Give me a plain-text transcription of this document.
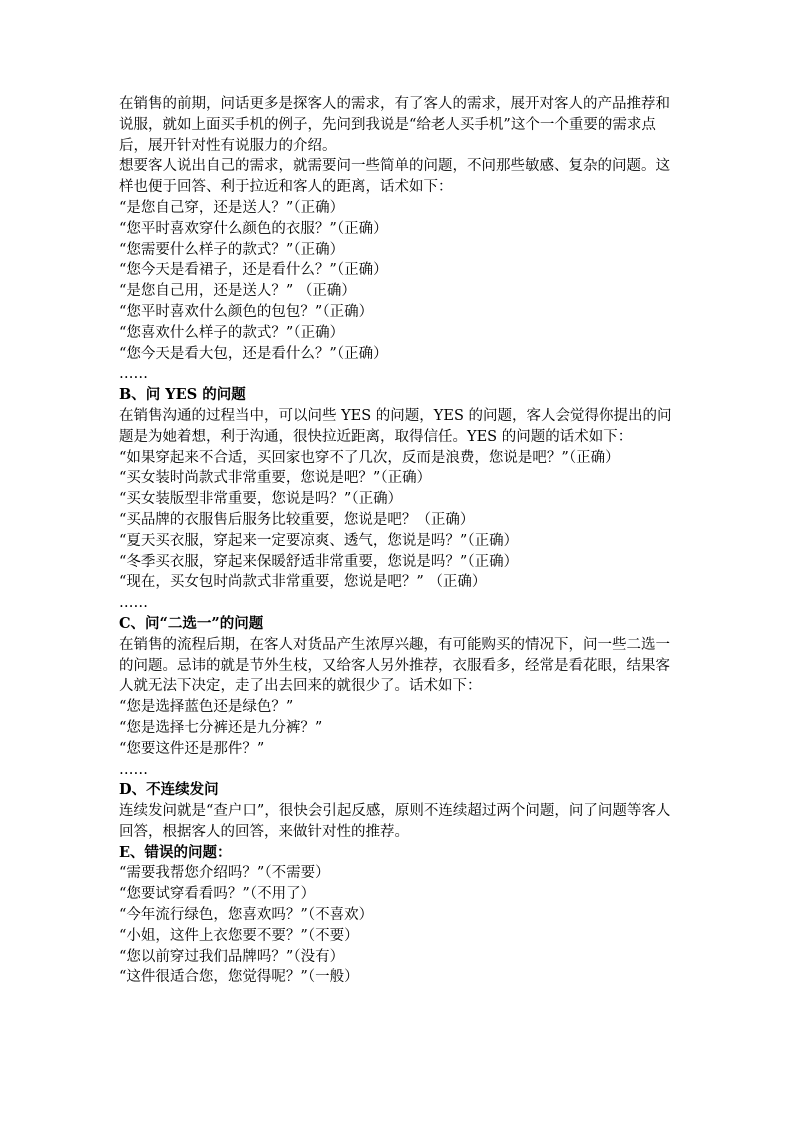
在销售的前期，问话更多是探客人的需求，有了客人的需求，展开对客人的产品推荐和说服，就如上面买手机的例子，先问到我说是“给老人买手机”这个一个重要的需求点后，展开针对性有说服力的介绍。

想要客人说出自己的需求，就需要问一些简单的问题，不问那些敏感、复杂的问题。这样也便于回答、利于拉近和客人的距离，话术如下：

“是您自己穿，还是送人？”（正确）

“您平时喜欢穿什么颜色的衣服？”（正确）

“您需要什么样子的款式？”（正确）

“您今天是看裙子，还是看什么？”（正确）

“是您自己用，还是送人？” （正确）

“您平时喜欢什么颜色的包包？”（正确）

“您喜欢什么样子的款式？”（正确）

“您今天是看大包，还是看什么？”（正确）

……

B、问 YES 的问题

在销售沟通的过程当中，可以问些 YES 的问题，YES 的问题，客人会觉得你提出的问题是为她着想，利于沟通，很快拉近距离，取得信任。YES 的问题的话术如下：

“如果穿起来不合适，买回家也穿不了几次，反而是浪费，您说是吧？”（正确）

“买女装时尚款式非常重要，您说是吧？”（正确）

“买女装版型非常重要，您说是吗？”（正确）

“买品牌的衣服售后服务比较重要，您说是吧？（正确）

“夏天买衣服，穿起来一定要凉爽、透气，您说是吗？”（正确）

“冬季买衣服，穿起来保暖舒适非常重要，您说是吗？”（正确）

“现在，买女包时尚款式非常重要，您说是吧？” （正确）

……

C、问“二选一”的问题

在销售的流程后期，在客人对货品产生浓厚兴趣，有可能购买的情况下，问一些二选一的问题。忌讳的就是节外生枝，又给客人另外推荐，衣服看多，经常是看花眼，结果客人就无法下决定，走了出去回来的就很少了。话术如下：

“您是选择蓝色还是绿色？”

“您是选择七分裤还是九分裤？”

“您要这件还是那件？”

……

D、不连续发问

连续发问就是“查户口”，很快会引起反感，原则不连续超过两个问题，问了问题等客人回答，根据客人的回答，来做针对性的推荐。

E、错误的问题：

“需要我帮您介绍吗？”（不需要）

“您要试穿看看吗？”（不用了）

“今年流行绿色，您喜欢吗？”（不喜欢）

“小姐，这件上衣您要不要？”（不要）

“您以前穿过我们品牌吗？”（没有）

“这件很适合您，您觉得呢？”（一般）
